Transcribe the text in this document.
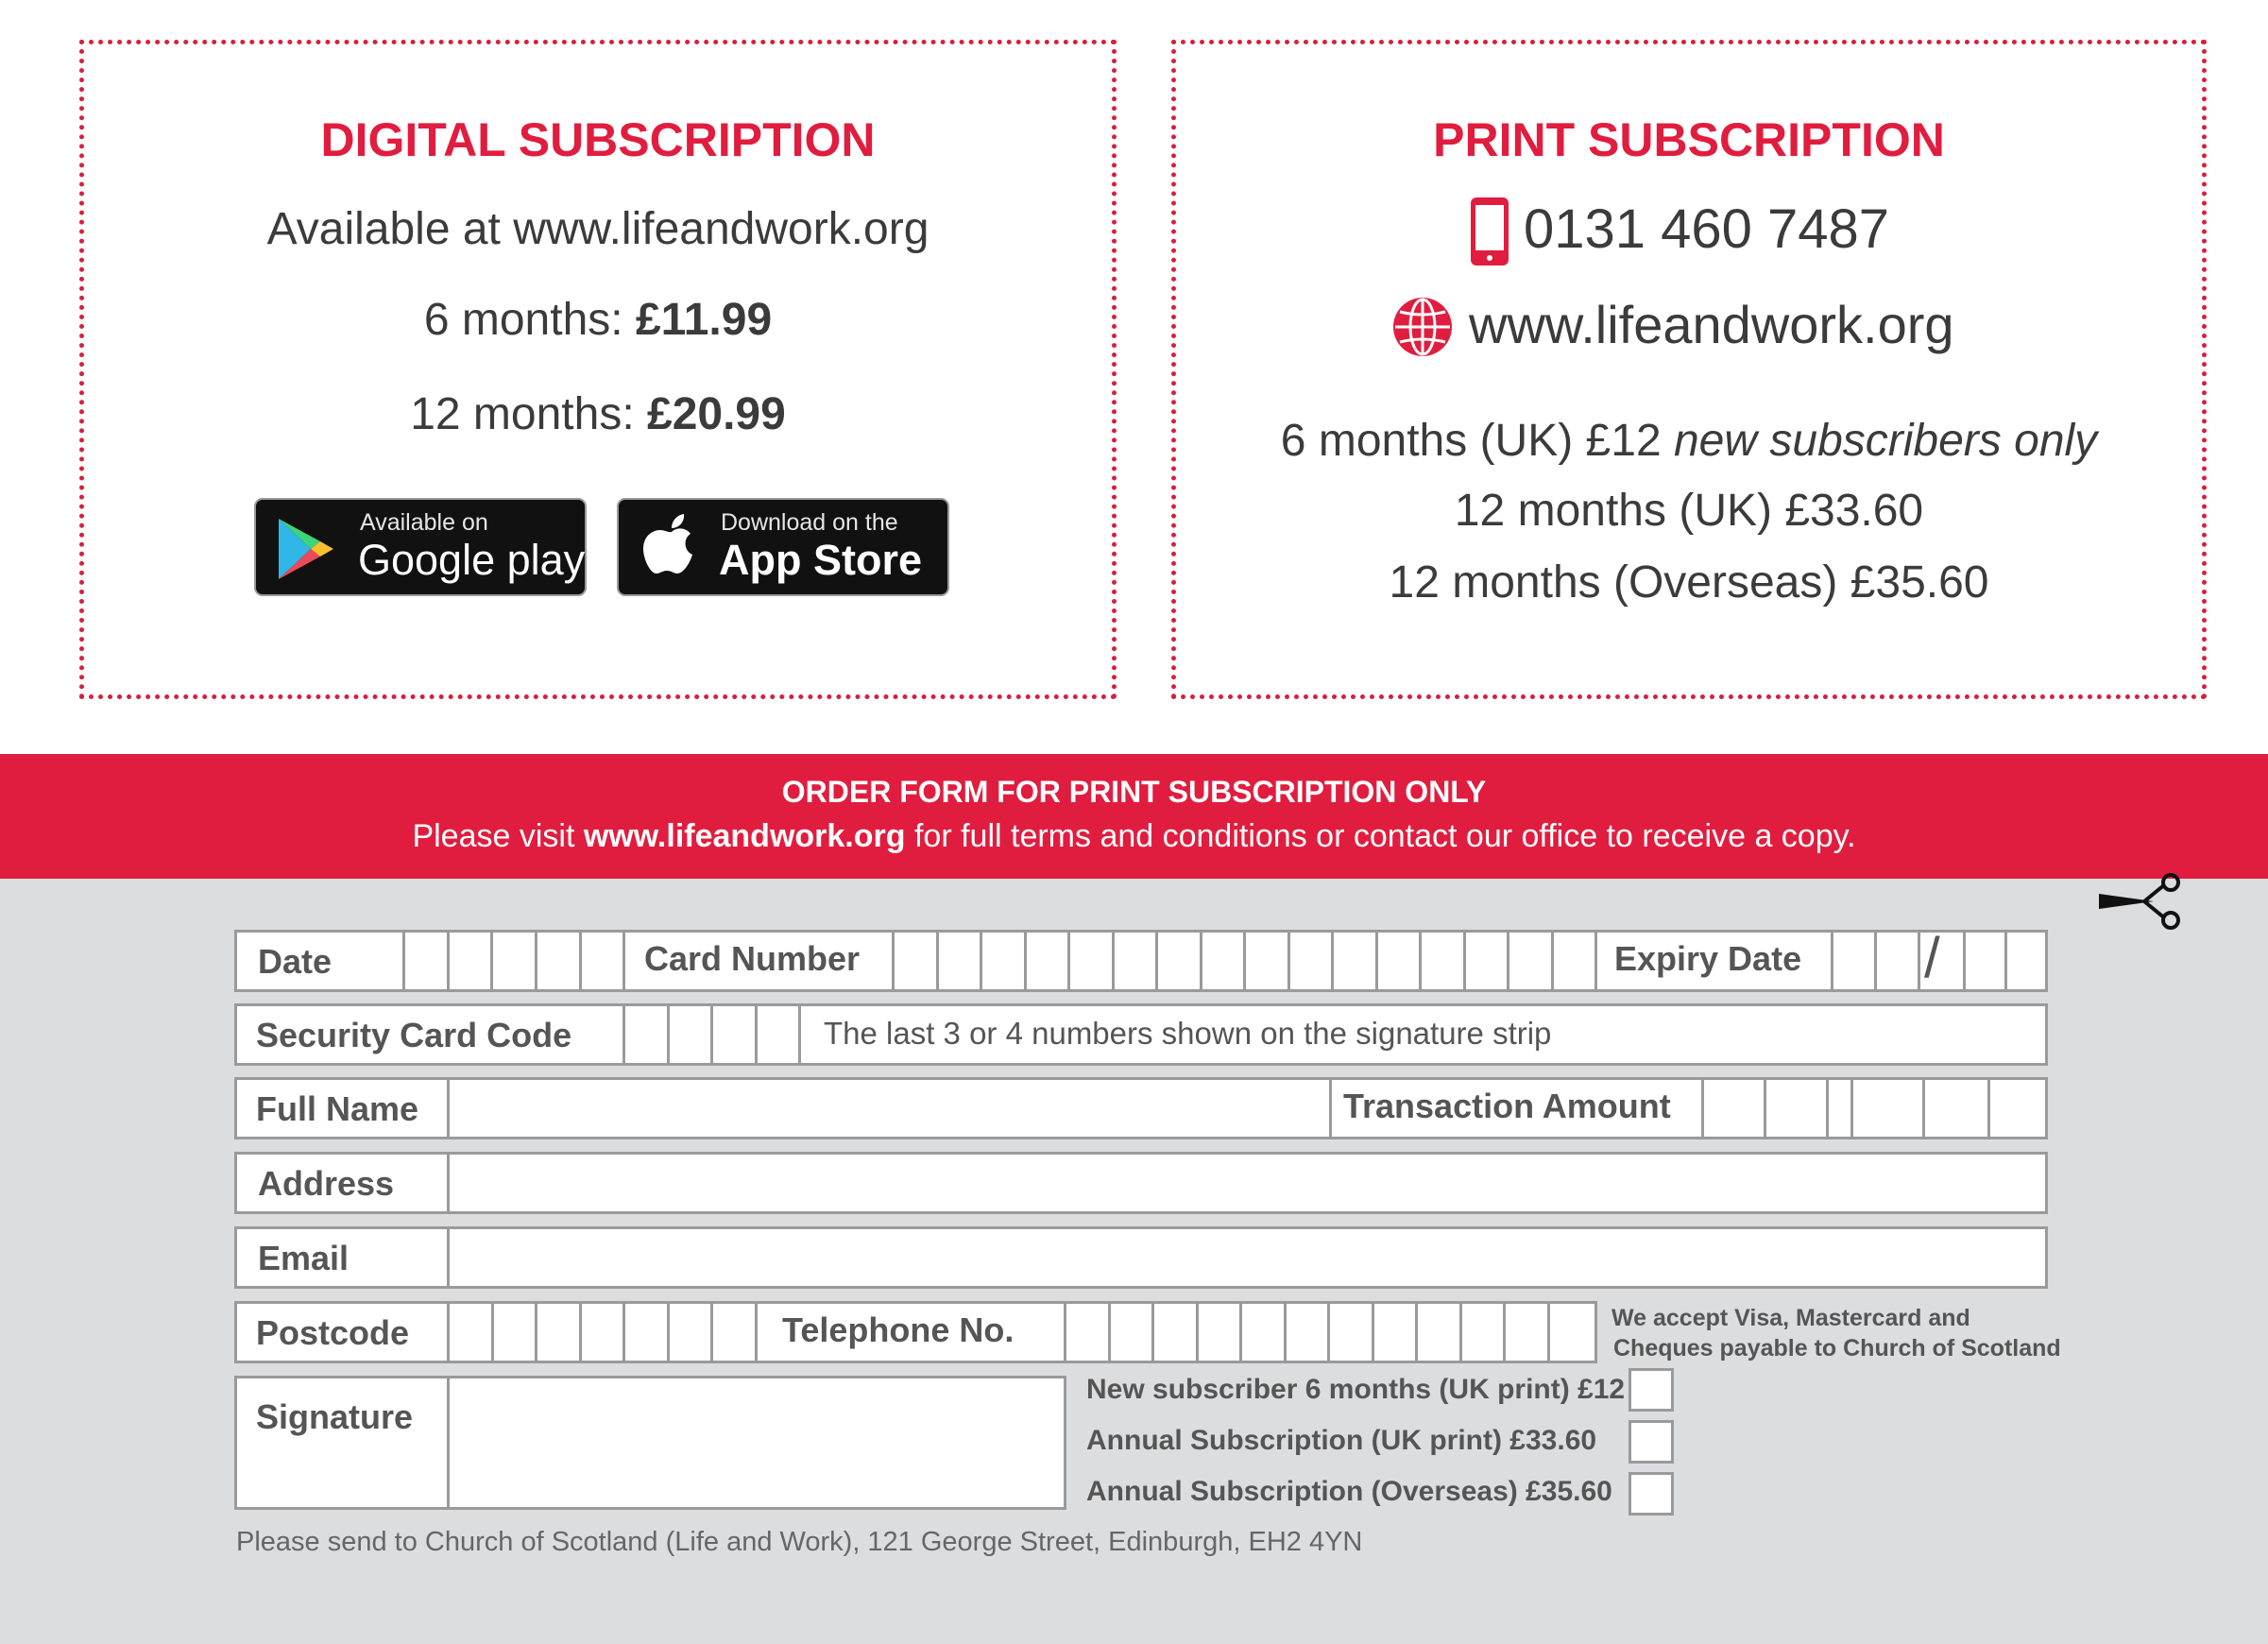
DIGITAL SUBSCRIPTION
Available at www.lifeandwork.org
6 months: £11.99
12 months: £20.99
Available on
Google play
Download on the
App Store
PRINT SUBSCRIPTION
0131 460 7487
www.lifeandwork.org
6 months (UK) £12 new subscribers only
12 months (UK) £33.60
12 months (Overseas) £35.60
ORDER FORM FOR PRINT SUBSCRIPTION ONLY
Please visit www.lifeandwork.org for full terms and conditions or contact our office to receive a copy.
Date	Card Number	Expiry Date /
Security Card Code	The last 3 or 4 numbers shown on the signature strip
Full Name	Transaction Amount
Address
Email
Postcode	Telephone No.	We accept Visa, Mastercard and
Cheques payable to Church of Scotland
Signature
New subscriber 6 months (UK print) £12
Annual Subscription (UK print) £33.60
Annual Subscription (Overseas) £35.60
Please send to Church of Scotland (Life and Work), 121 George Street, Edinburgh, EH2 4YN
